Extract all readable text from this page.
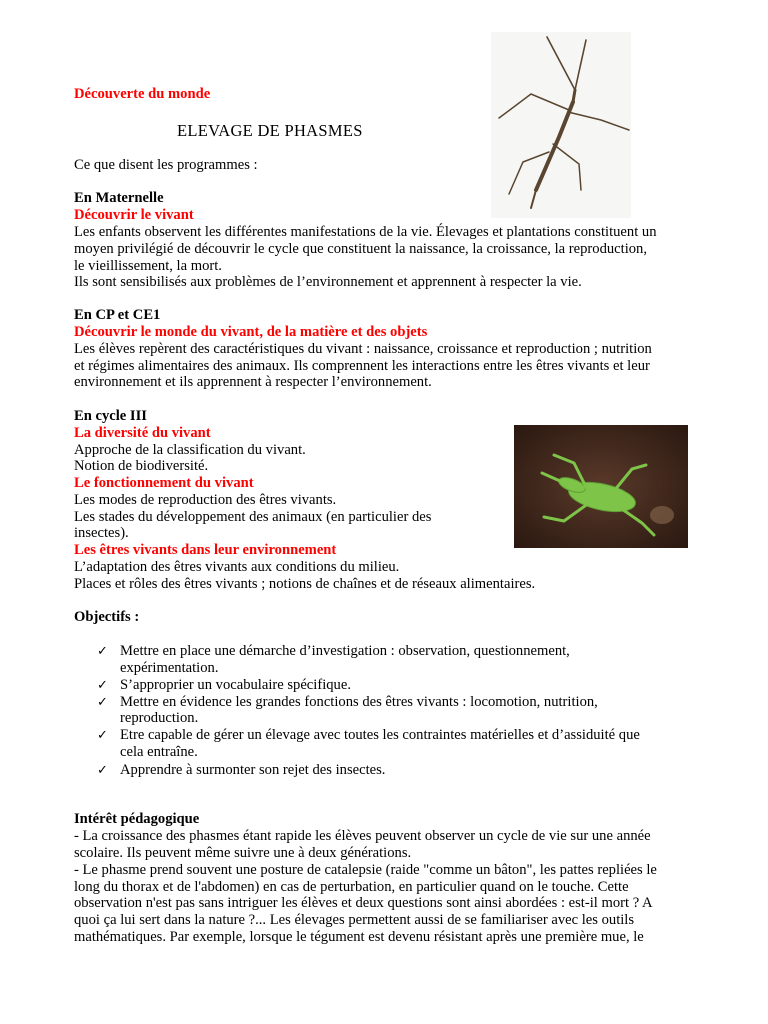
Découverte du monde
ELEVAGE DE PHASMES
Ce que disent les programmes :
En Maternelle
Découvrir le vivant
Les enfants observent les différentes manifestations de la vie. Élevages et plantations constituent un
moyen privilégié de découvrir le cycle que constituent la naissance, la croissance, la reproduction,
le vieillissement, la mort.
Ils sont sensibilisés aux problèmes de l’environnement et apprennent à respecter la vie.
En CP et CE1
Découvrir le monde du vivant, de la matière et des objets
Les élèves repèrent des caractéristiques du vivant : naissance, croissance et reproduction ; nutrition
et régimes alimentaires des animaux. Ils comprennent les interactions entre les êtres vivants et leur
environnement et ils apprennent à respecter l’environnement.
En cycle III
La diversité du vivant
Approche de la classification du vivant.
Notion de biodiversité.
Le fonctionnement du vivant
Les modes de reproduction des êtres vivants.
Les stades du développement des animaux (en particulier des
insectes).
Les êtres vivants dans leur environnement
L’adaptation des êtres vivants aux conditions du milieu.
Places et rôles des êtres vivants ; notions de chaînes et de réseaux alimentaires.
Objectifs :
✓ Mettre en place une démarche d’investigation : observation, questionnement,
expérimentation.
✓ S’approprier un vocabulaire spécifique.
✓ Mettre en évidence les grandes fonctions des êtres vivants : locomotion, nutrition,
reproduction.
✓ Etre capable de gérer un élevage avec toutes les contraintes matérielles et d’assiduité que
cela entraîne.
✓ Apprendre à surmonter son rejet des insectes.
Intérêt pédagogique
- La croissance des phasmes étant rapide les élèves peuvent observer un cycle de vie sur une année
scolaire. Ils peuvent même suivre une à deux générations.
- Le phasme prend souvent une posture de catalepsie (raide "comme un bâton", les pattes repliées le
long du thorax et de l'abdomen) en cas de perturbation, en particulier quand on le touche. Cette
observation n'est pas sans intriguer les élèves et deux questions sont ainsi abordées : est-il mort ? A
quoi ça lui sert dans la nature ?... Les élevages permettent aussi de se familiariser avec les outils
mathématiques. Par exemple, lorsque le tégument est devenu résistant après une première mue, le
